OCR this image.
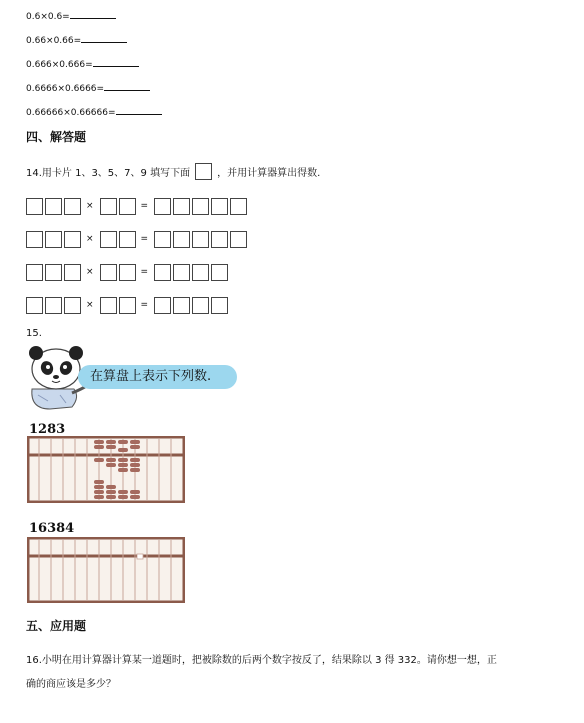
0.6×0.6=
0.66×0.66=
0.666×0.666=
0.6666×0.6666=
0.66666×0.66666=
四、解答题
14.用卡片 1、3、5、7、9 填写下面	，并用计算器算出得数.
×	=
×	=
×	=
×	=
15.
在算盘上表示下列数.
1283
16384
五、应用题
16.小明在用计算器计算某一道题时，把被除数的后两个数字按反了，结果除以 3 得 332。请你想一想，正
确的商应该是多少？
